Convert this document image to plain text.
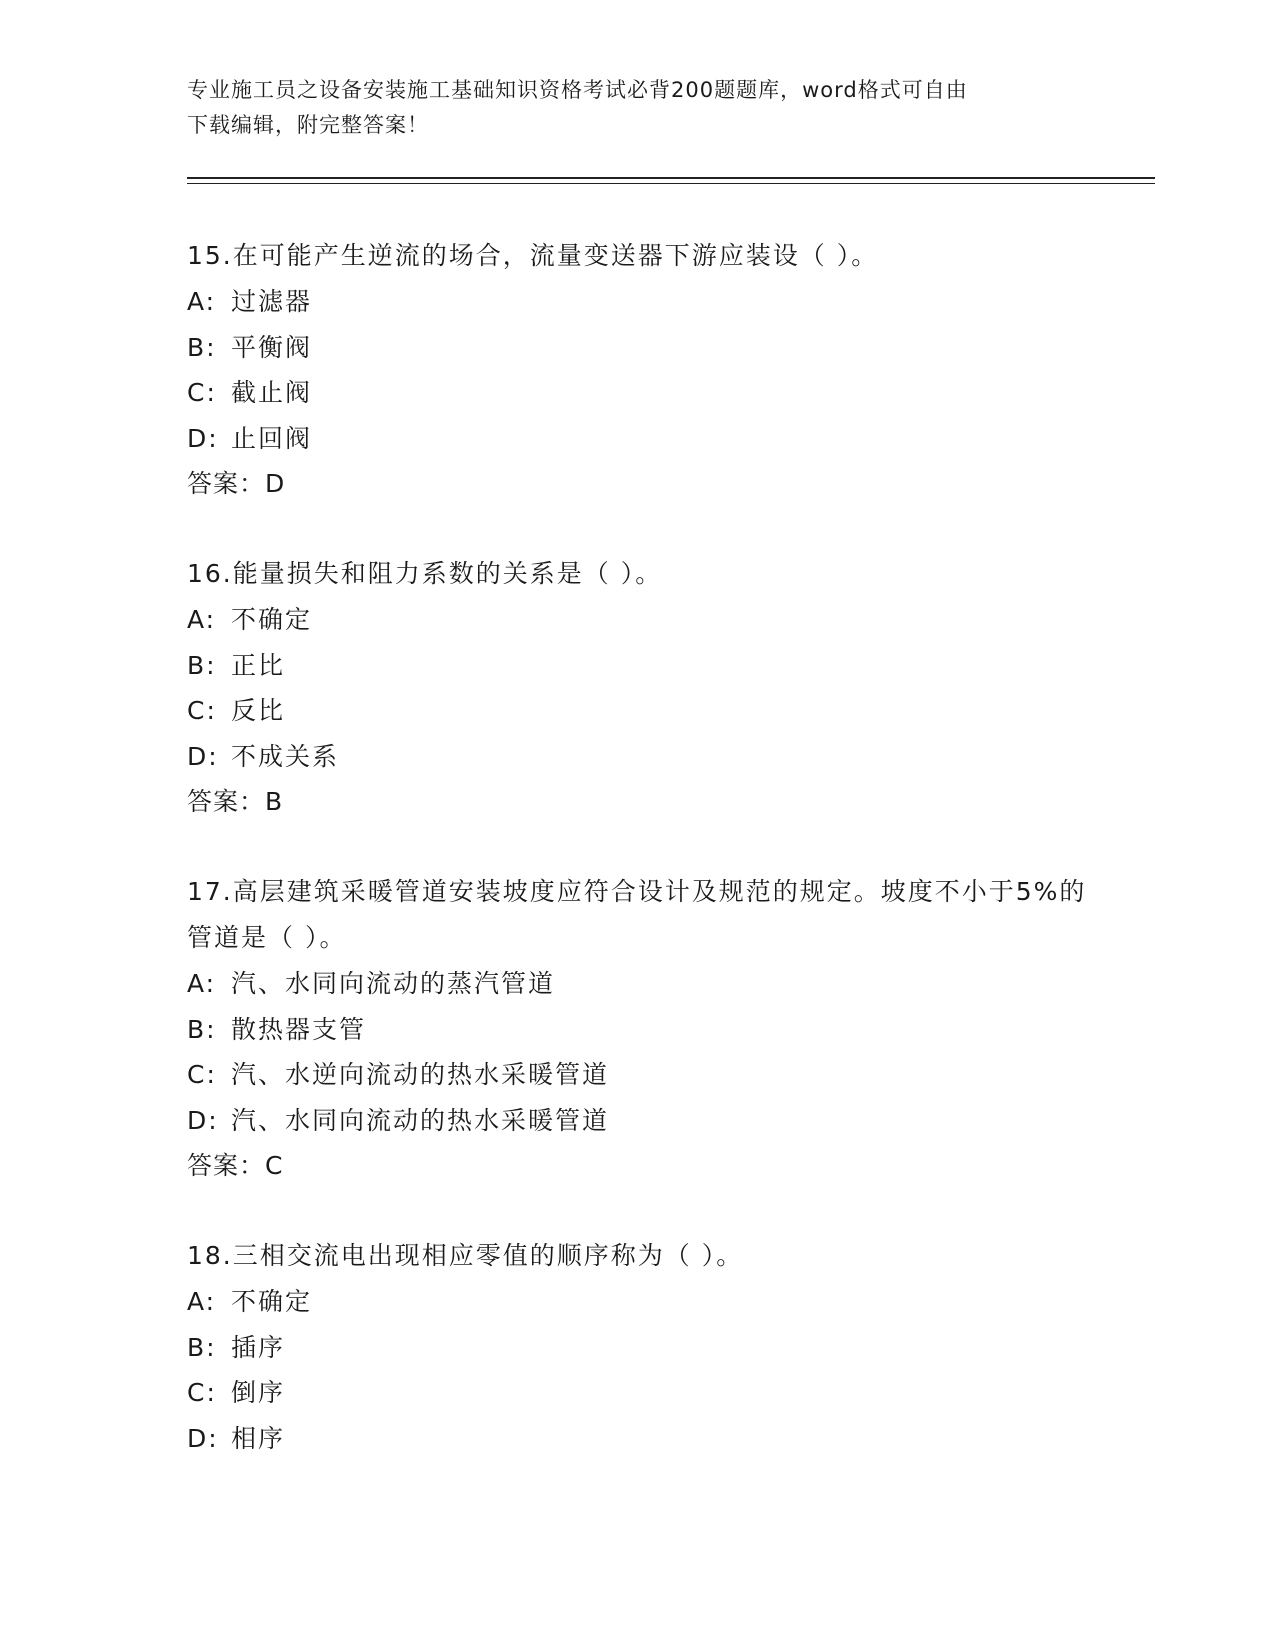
专业施工员之设备安装施工基础知识资格考试必背200题题库，word格式可自由
下载编辑，附完整答案！
15.在可能产生逆流的场合，流量变送器下游应装设（ ）。
A: 过滤器
B: 平衡阀
C: 截止阀
D: 止回阀
答案：D
16.能量损失和阻力系数的关系是（ ）。
A: 不确定
B: 正比
C: 反比
D: 不成关系
答案：B
17.高层建筑采暖管道安装坡度应符合设计及规范的规定。坡度不小于5%的管道是（ ）。
A: 汽、水同向流动的蒸汽管道
B: 散热器支管
C: 汽、水逆向流动的热水采暖管道
D: 汽、水同向流动的热水采暖管道
答案：C
18.三相交流电出现相应零值的顺序称为（ ）。
A: 不确定
B: 插序
C: 倒序
D: 相序
